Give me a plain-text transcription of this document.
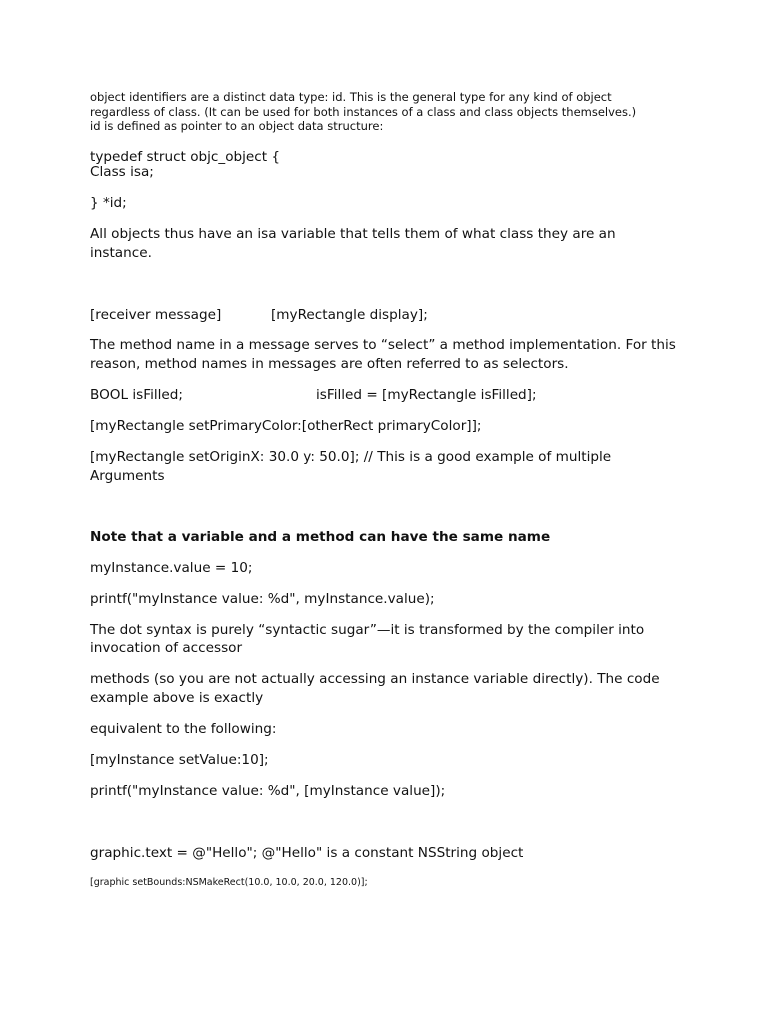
object identifiers are a distinct data type: id. This is the general type for any kind of object

regardless of class. (It can be used for both instances of a class and class objects themselves.)

id is defined as pointer to an object data structure:

typedef struct objc_object {

Class isa;

} *id;

All objects thus have an isa variable that tells them of what class they are an

instance.

[receiver message]	[myRectangle display];

The method name in a message serves to “select” a method implementation. For this

reason, method names in messages are often referred to as selectors.

BOOL isFilled;	isFilled = [myRectangle isFilled];

[myRectangle setPrimaryColor:[otherRect primaryColor]];

[myRectangle setOriginX: 30.0 y: 50.0]; // This is a good example of multiple

Arguments

Note that a variable and a method can have the same name

myInstance.value = 10;

printf("myInstance value: %d", myInstance.value);

The dot syntax is purely “syntactic sugar”—it is transformed by the compiler into

invocation of accessor

methods (so you are not actually accessing an instance variable directly). The code

example above is exactly

equivalent to the following:

[myInstance setValue:10];

printf("myInstance value: %d", [myInstance value]);

graphic.text = @"Hello"; @"Hello" is a constant NSString object

[graphic setBounds:NSMakeRect(10.0, 10.0, 20.0, 120.0)];
